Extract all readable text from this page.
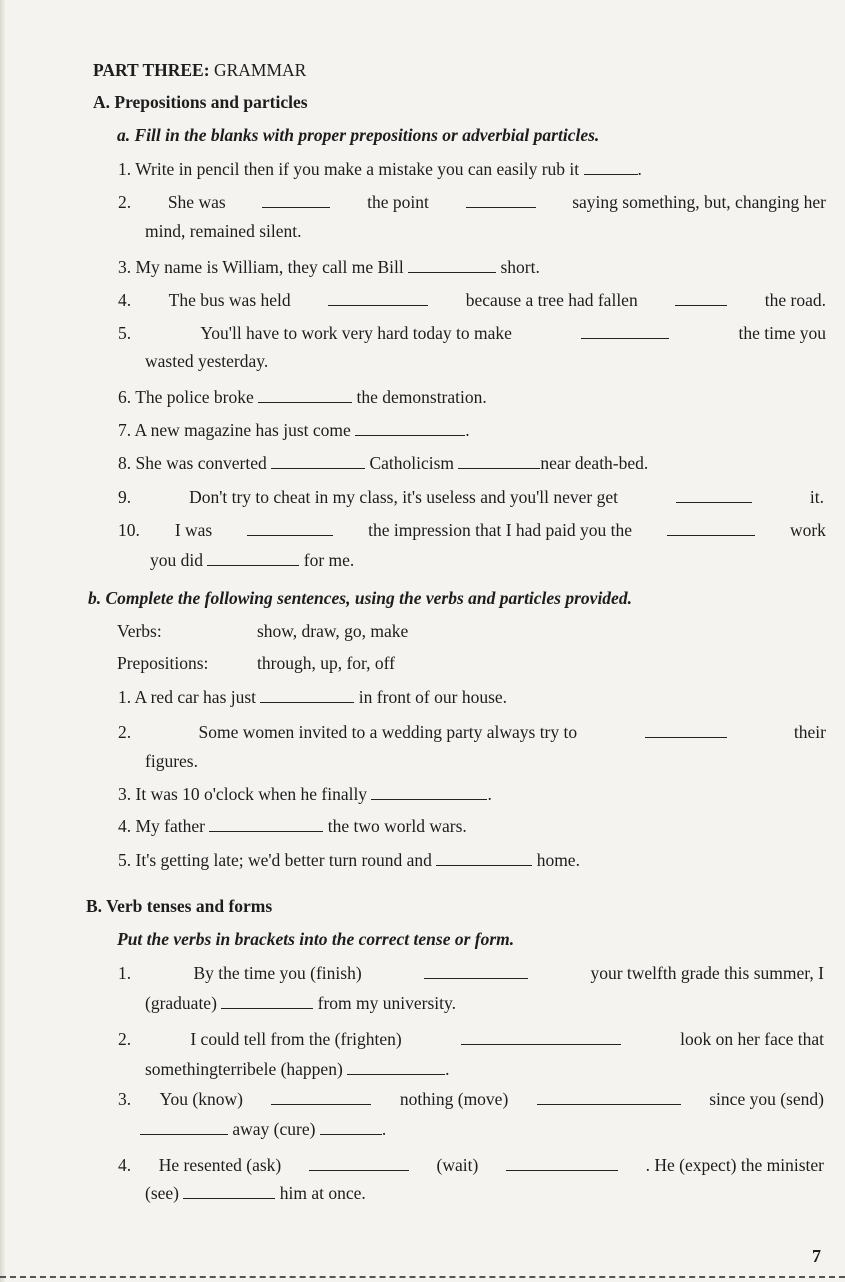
PART THREE: GRAMMAR
A. Prepositions and particles
a. Fill in the blanks with proper prepositions or adverbial particles.
1. Write in pencil then if you make a mistake you can easily rub it	.
2. She was	the point	saying something, but, changing her
mind, remained silent.
3. My name is William, they call me Bill	short.
4. The bus was held	because a tree had fallen	the road.
5.	You'll have to work very hard today to make	the time you
wasted yesterday.
6. The police broke	the demonstration.
7. A new magazine has just come	.
8. She was converted	Catholicism	near death-bed.
9.	Don't try to cheat in my class, it's useless and you'll never get	it.
10. I was	the impression that I had paid you the	work
you did	for me.
b. Complete the following sentences, using the verbs and particles provided.
Verbs:	show, draw, go, make
Prepositions:	through, up, for, off
1. A red car has just	in front of our house.
2.	Some women invited to a wedding party always try to	their
figures.
3. It was 10 o'clock when he finally	.
4. My father	the two world wars.
5. It's getting late; we'd better turn round and	home.
B. Verb tenses and forms
Put the verbs in brackets into the correct tense or form.
1.	By the time you (finish)	your twelfth grade this summer, I
(graduate)	from my university.
2.	I could tell from the (frighten)	look on her face that
somethingterribele (happen)	.
3. You (know)	nothing (move)	since you (send)
away (cure)	.
4. He resented (ask)	(wait)	. He (expect) the minister
(see)	him at once.
7
